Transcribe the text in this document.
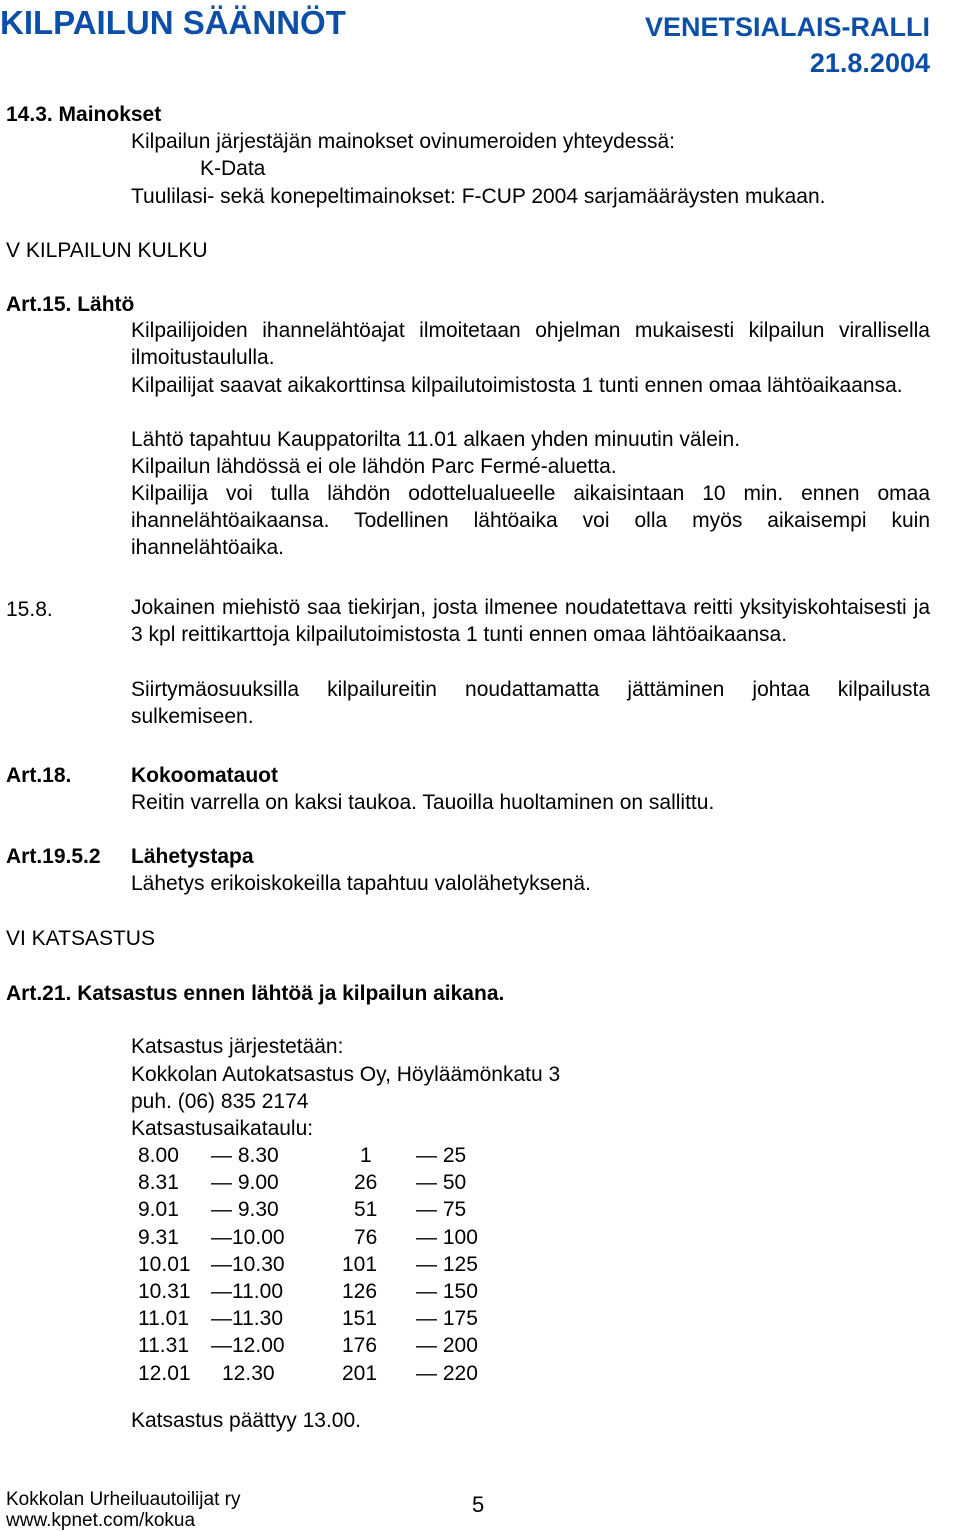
KILPAILUN SÄÄNNÖT	VENETSIALAIS-RALLI
21.8.2004
14.3. Mainokset
Kilpailun järjestäjän mainokset ovinumeroiden yhteydessä:
K-Data
Tuulilasi- sekä konepeltimainokset: F-CUP 2004 sarjamääräysten mukaan.
V KILPAILUN KULKU
Art.15. Lähtö
Kilpailijoiden ihannelähtöajat ilmoitetaan ohjelman mukaisesti kilpailun virallisella ilmoitustaululla.
Kilpailijat saavat aikakorttinsa kilpailutoimistosta 1 tunti ennen omaa lähtöaikaansa.
Lähtö tapahtuu Kauppatorilta 11.01 alkaen yhden minuutin välein.
Kilpailun lähdössä ei ole lähdön Parc Fermé-aluetta.
Kilpailija voi tulla lähdön odottelualueelle aikaisintaan 10 min. ennen omaa ihannelähtöaikaansa. Todellinen lähtöaika voi olla myös aikaisempi kuin ihannelähtöaika.
15.8.	Jokainen miehistö saa tiekirjan, josta ilmenee noudatettava reitti yksityiskohtaisesti ja 3 kpl reittikarttoja kilpailutoimistosta 1 tunti ennen omaa lähtöaikaansa.
Siirtymäosuuksilla kilpailureitin noudattamatta jättäminen johtaa kilpailusta sulkemiseen.
Art.18.	Kokoomatauot
Reitin varrella on kaksi taukoa. Tauoilla huoltaminen on sallittu.
Art.19.5.2 Lähetystapa
Lähetys erikoiskokeilla tapahtuu valolähetyksenä.
VI KATSASTUS
Art.21. Katsastus ennen lähtöä ja kilpailun aikana.
Katsastus järjestetään:
Kokkolan Autokatsastus Oy, Höyläämönkatu 3
puh. (06) 835 2174
Katsastusaikataulu:
8.00 — 8.30	1 — 25
8.31 — 9.00	26 — 50
9.01 — 9.30	51 — 75
9.31 —10.00	76 — 100
10.01 —10.30	101 — 125
10.31 —11.00	126 — 150
11.01 —11.30	151 — 175
11.31 —12.00	176 — 200
12.01 12.30	201 — 220
Katsastus päättyy 13.00.
Kokkolan Urheiluautoilijat ry
www.kpnet.com/kokua
5
